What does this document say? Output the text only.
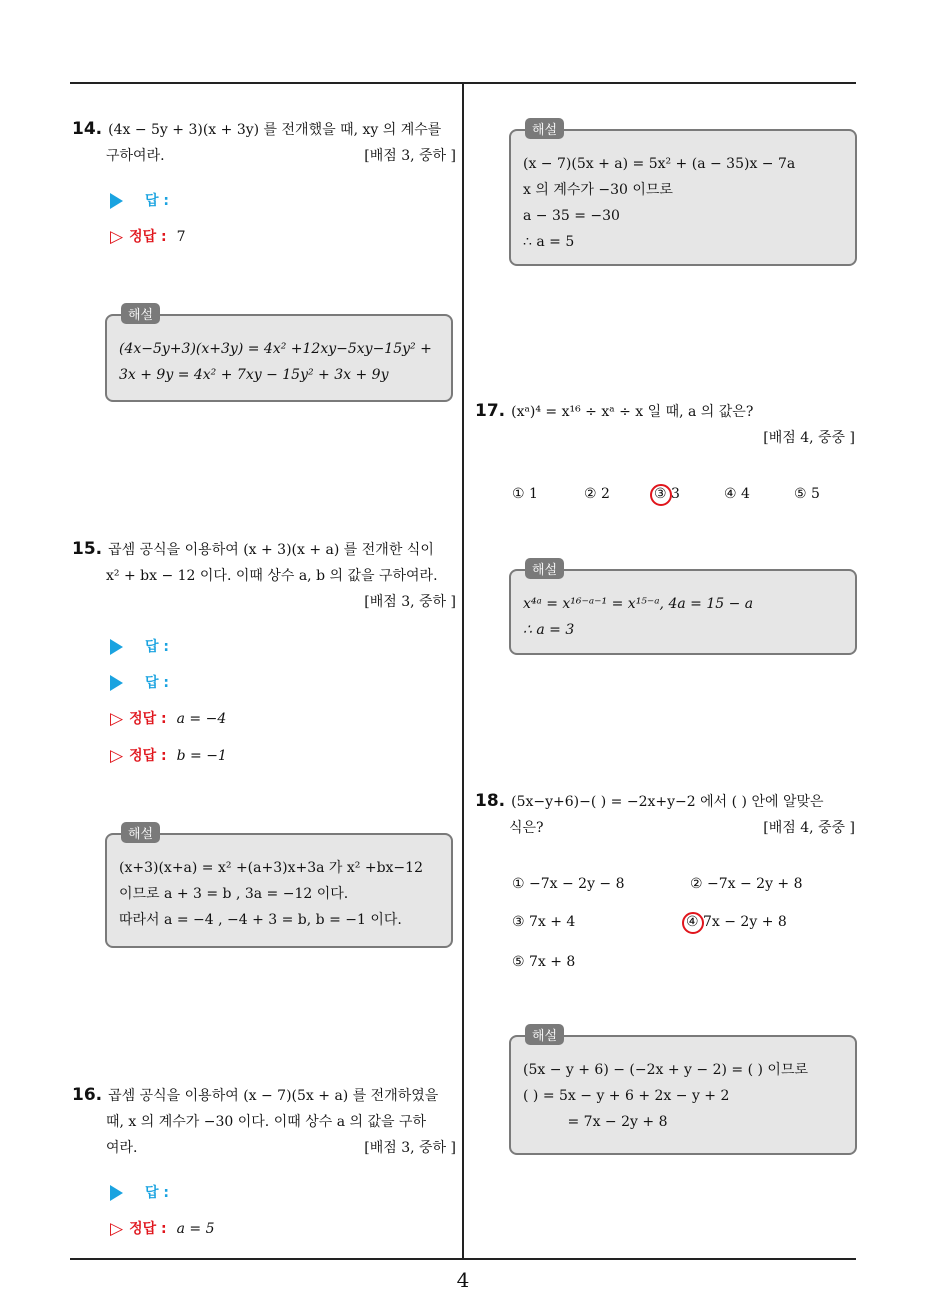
4
14. (4x − 5y + 3)(x + 3y) 를 전개했을 때, xy 의 계수를
구하여라.	[배점 3, 중하 ]
답 :
▷ 정답 : 7
해설
(4x−5y+3)(x+3y) = 4x² +12xy−5xy−15y² +
3x + 9y = 4x² + 7xy − 15y² + 3x + 9y
15. 곱셈 공식을 이용하여 (x + 3)(x + a) 를 전개한 식이
x² + bx − 12 이다. 이때 상수 a, b 의 값을 구하여라.
[배점 3, 중하 ]
답 :
답 :
▷ 정답 : a = −4
▷ 정답 : b = −1
해설
(x+3)(x+a) = x² +(a+3)x+3a 가 x² +bx−12
이므로 a + 3 = b , 3a = −12 이다.
따라서 a = −4 , −4 + 3 = b, b = −1 이다.
16. 곱셈 공식을 이용하여 (x − 7)(5x + a) 를 전개하였을
때, x 의 계수가 −30 이다. 이때 상수 a 의 값을 구하
여라.	[배점 3, 중하 ]
답 :
▷ 정답 : a = 5
해설
(x − 7)(5x + a) = 5x² + (a − 35)x − 7a
x 의 계수가 −30 이므로
a − 35 = −30
∴ a = 5
17. (xᵃ)⁴ = x¹⁶ ÷ xᵃ ÷ x 일 때, a 의 값은?
[배점 4, 중중 ]
① 1	② 2	③ 3	④ 4	⑤ 5
해설
x⁴ᵃ = x¹⁶⁻ᵃ⁻¹ = x¹⁵⁻ᵃ, 4a = 15 − a
∴ a = 3
18. (5x−y+6)−( ) = −2x+y−2 에서 ( ) 안에 알맞은
식은?	[배점 4, 중중 ]
① −7x − 2y − 8	② −7x − 2y + 8
③ 7x + 4	④ 7x − 2y + 8
⑤ 7x + 8
해설
(5x − y + 6) − (−2x + y − 2) = ( ) 이므로
( ) = 5x − y + 6 + 2x − y + 2
= 7x − 2y + 8
